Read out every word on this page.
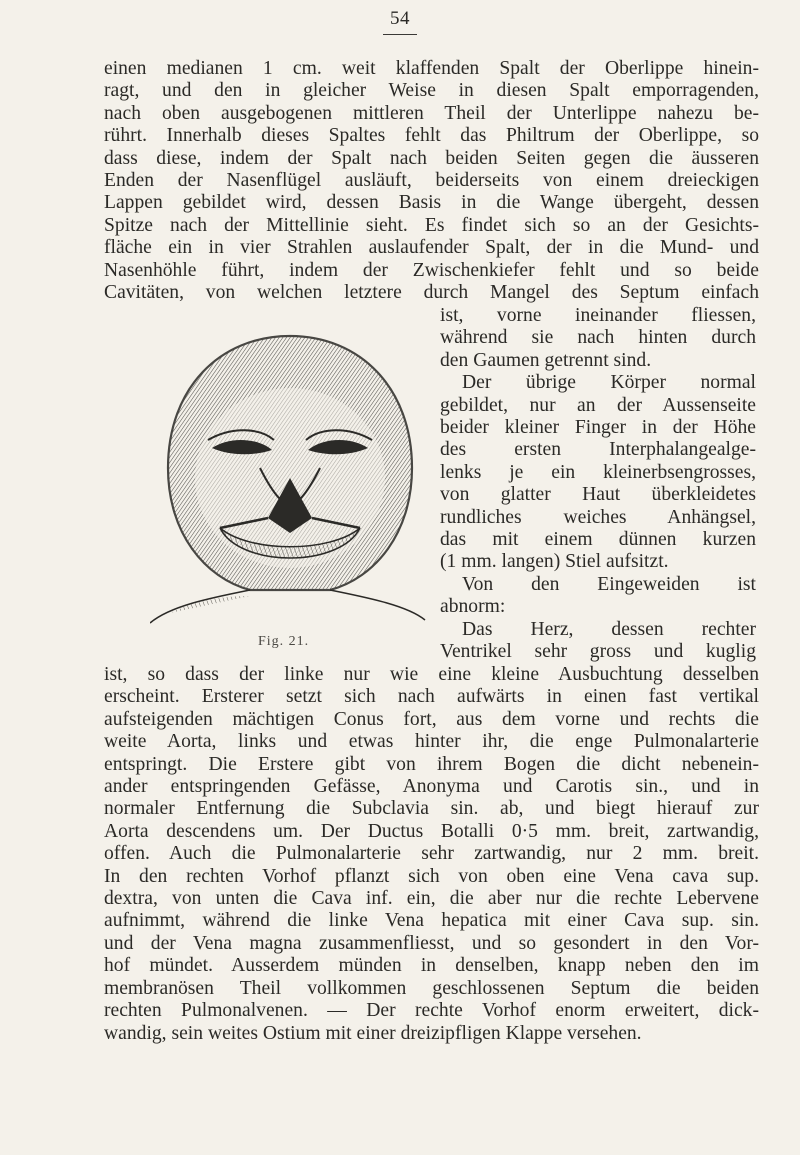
54
einen medianen 1 cm. weit klaffenden Spalt der Oberlippe hinein-
ragt, und den in gleicher Weise in diesen Spalt emporragenden,
nach oben ausgebogenen mittleren Theil der Unterlippe nahezu be-
rührt. Innerhalb dieses Spaltes fehlt das Philtrum der Oberlippe, so
dass diese, indem der Spalt nach beiden Seiten gegen die äusseren
Enden der Nasenflügel ausläuft, beiderseits von einem dreieckigen
Lappen gebildet wird, dessen Basis in die Wange übergeht, dessen
Spitze nach der Mittellinie sieht. Es findet sich so an der Gesichts-
fläche ein in vier Strahlen auslaufender Spalt, der in die Mund- und
Nasenhöhle führt, indem der Zwischenkiefer fehlt und so beide
Cavitäten, von welchen letztere durch Mangel des Septum einfach
Fig. 21.
ist, vorne ineinander fliessen,
während sie nach hinten durch
den Gaumen getrennt sind.
Der übrige Körper normal
gebildet, nur an der Aussenseite
beider kleiner Finger in der Höhe
des ersten Interphalangealge-
lenks je ein kleinerbsengrosses,
von glatter Haut überkleidetes
rundliches weiches Anhängsel,
das mit einem dünnen kurzen
(1 mm. langen) Stiel aufsitzt.
Von den Eingeweiden ist
abnorm:
Das Herz, dessen rechter
Ventrikel sehr gross und kuglig
ist, so dass der linke nur wie eine kleine Ausbuchtung desselben
erscheint. Ersterer setzt sich nach aufwärts in einen fast vertikal
aufsteigenden mächtigen Conus fort, aus dem vorne und rechts die
weite Aorta, links und etwas hinter ihr, die enge Pulmonalarterie
entspringt. Die Erstere gibt von ihrem Bogen die dicht nebenein-
ander entspringenden Gefässe, Anonyma und Carotis sin., und in
normaler Entfernung die Subclavia sin. ab, und biegt hierauf zur
Aorta descendens um. Der Ductus Botalli 0·5 mm. breit, zartwandig,
offen. Auch die Pulmonalarterie sehr zartwandig, nur 2 mm. breit.
In den rechten Vorhof pflanzt sich von oben eine Vena cava sup.
dextra, von unten die Cava inf. ein, die aber nur die rechte Lebervene
aufnimmt, während die linke Vena hepatica mit einer Cava sup. sin.
und der Vena magna zusammenfliesst, und so gesondert in den Vor-
hof mündet. Ausserdem münden in denselben, knapp neben den im
membranösen Theil vollkommen geschlossenen Septum die beiden
rechten Pulmonalvenen. — Der rechte Vorhof enorm erweitert, dick-
wandig, sein weites Ostium mit einer dreizipfligen Klappe versehen.
